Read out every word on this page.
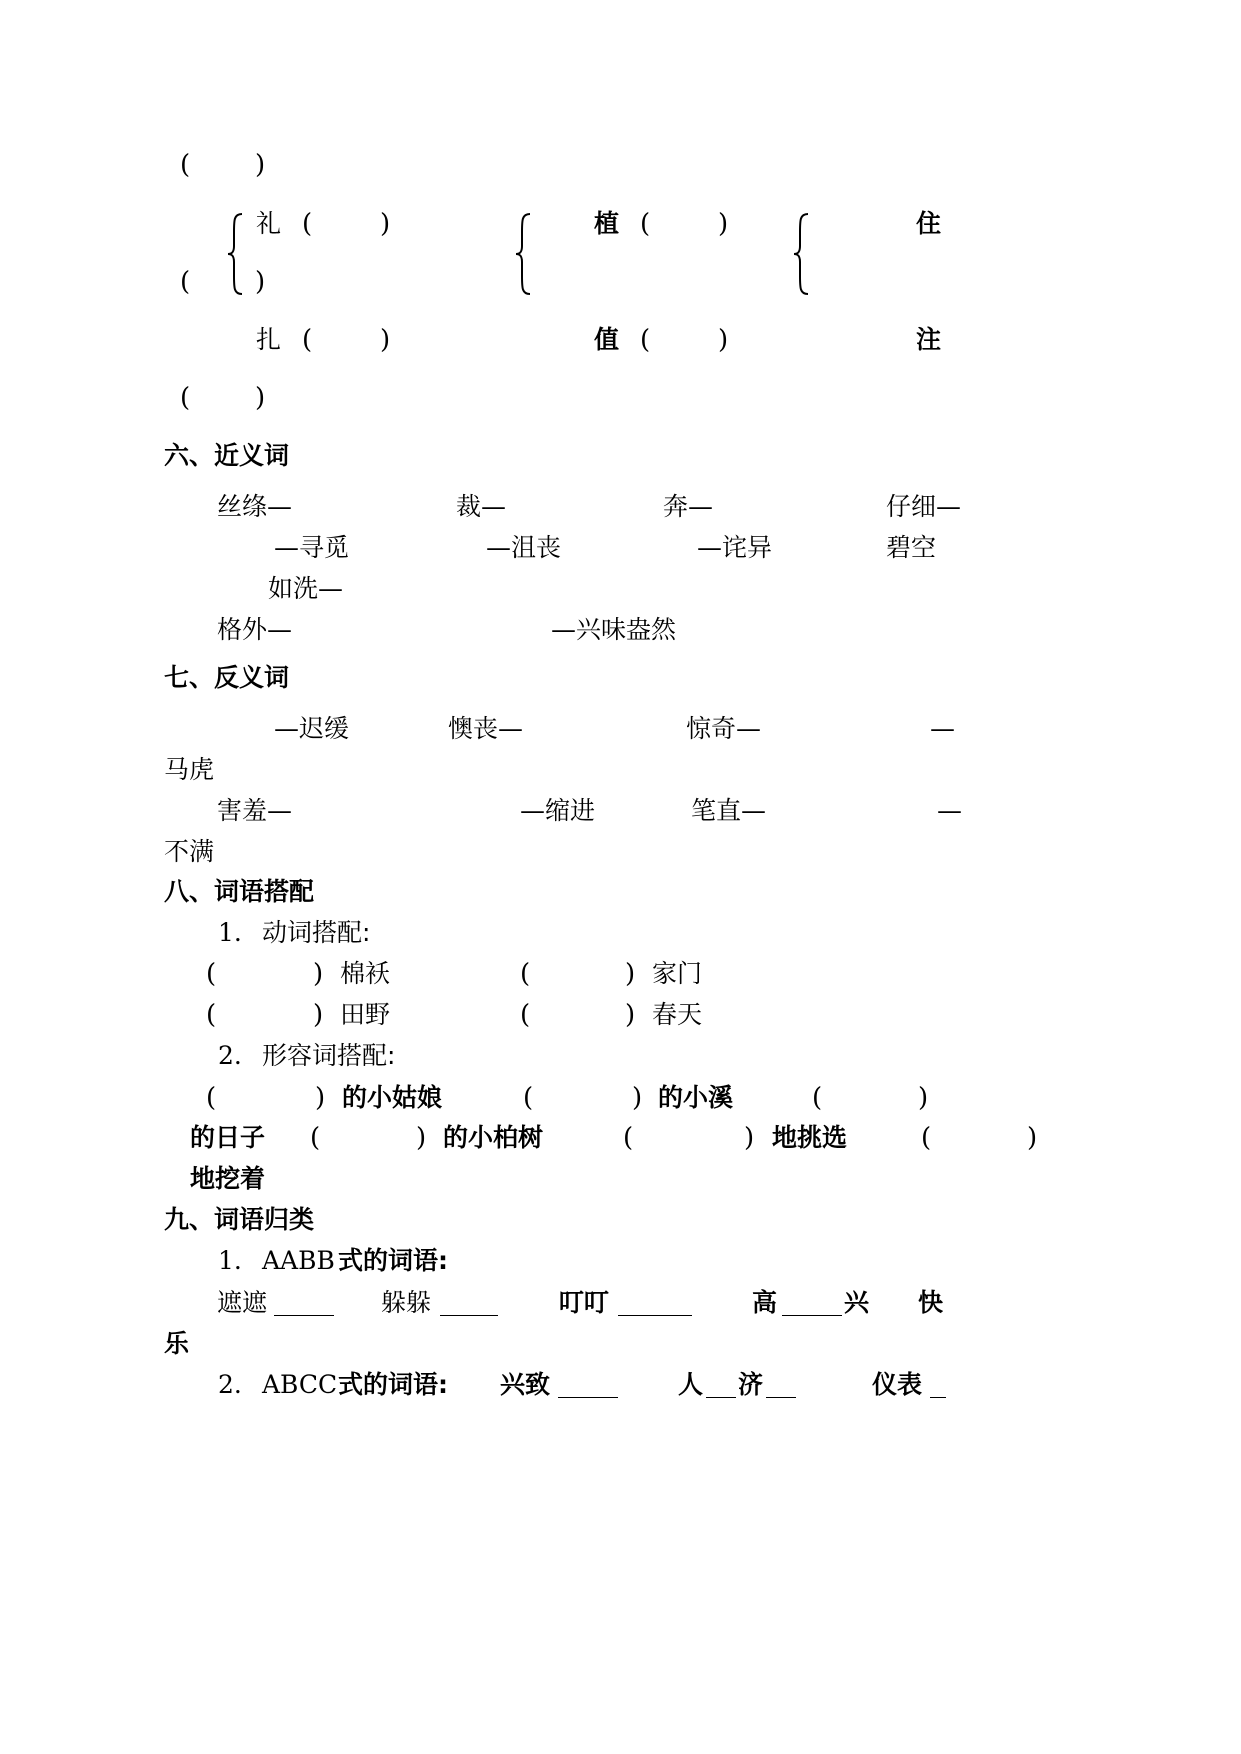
( )
礼 (	)
( )
植 (	)	住
扎 (	)	值 (	)	注
( )
六、近义词
丝绦—	裁—	奔—	仔细—
—寻觅	—沮丧	—诧异	碧空
如洗—
格外—	—兴味盎然
七、反义词
—迟缓	懊丧—	惊奇—	—
马虎
害羞—	—缩进	笔直—	—
不满
八、词语搭配
1. 动词搭配:
(	) 棉袄	(	) 家门
(	) 田野	(	) 春天
2. 形容词搭配:
(	) 的小姑娘	(	) 的小溪	(	)
的日子 (	) 的小柏树	(	) 地挑选	(	)
地挖着
九、词语归类
1. AABB 式的词语:
遮遮	躲躲	叮叮	高	兴 快
乐
2. ABCC 式的词语: 兴致	人 济	仪表
